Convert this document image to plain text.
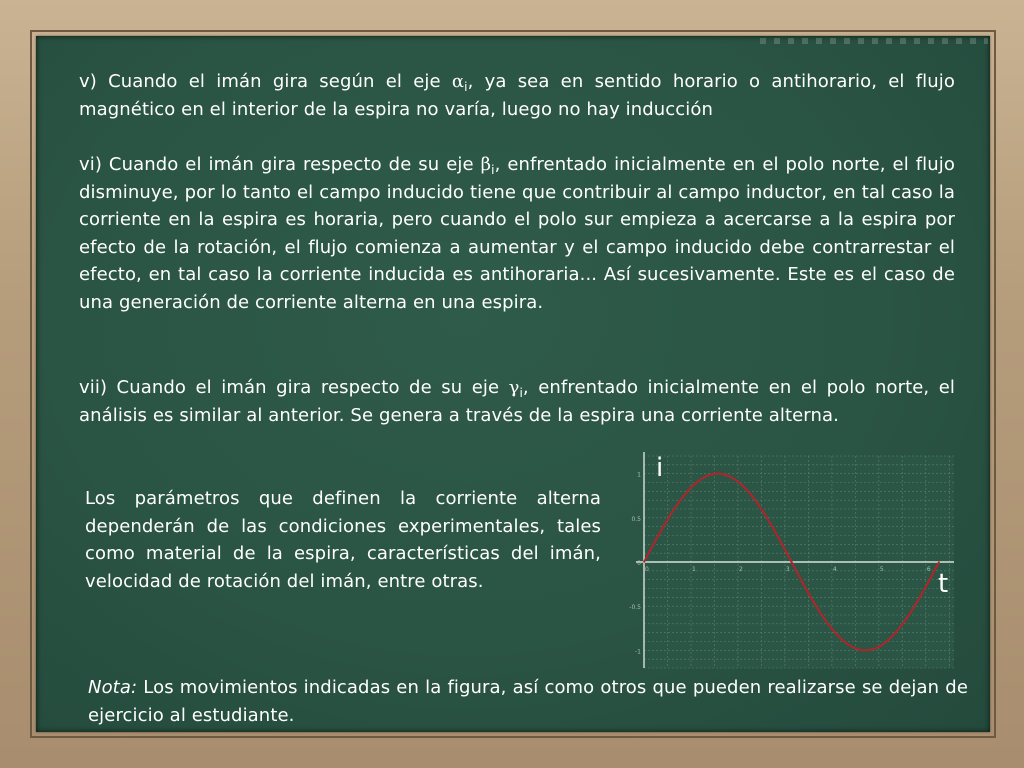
v) Cuando el imán gira según el eje $\alpha_i$, ya sea en sentido horario o antihorario, el flujo magnético en el interior de la espira no varía, luego no hay inducción
vi) Cuando el imán gira respecto de su eje $\beta_i$, enfrentado inicialmente en el polo norte, el flujo disminuye, por lo tanto el campo inducido tiene que contribuir al campo inductor, en tal caso la corriente en la espira es horaria, pero cuando el polo sur empieza a acercarse a la espira por efecto de la rotación, el flujo comienza a aumentar y el campo inducido debe contrarrestar el efecto, en tal caso la corriente inducida es antihoraria... Así sucesivamente. Este es el caso de una generación de corriente alterna en una espira.
vii) Cuando el imán gira respecto de su eje $\gamma_i$, enfrentado inicialmente en el polo norte, el análisis es similar al anterior. Se genera a través de la espira una corriente alterna.
Los parámetros que definen la corriente alterna dependerán de las condiciones experimentales, tales como material de la espira, características del imán, velocidad de rotación del imán, entre otras.
Nota: Los movimientos indicadas en la figura, así como otros que pueden realizarse se dejan de ejercicio al estudiante.
1
0.5
0
-0.5
-1
0	1	2	3	4	5	6
i
t
